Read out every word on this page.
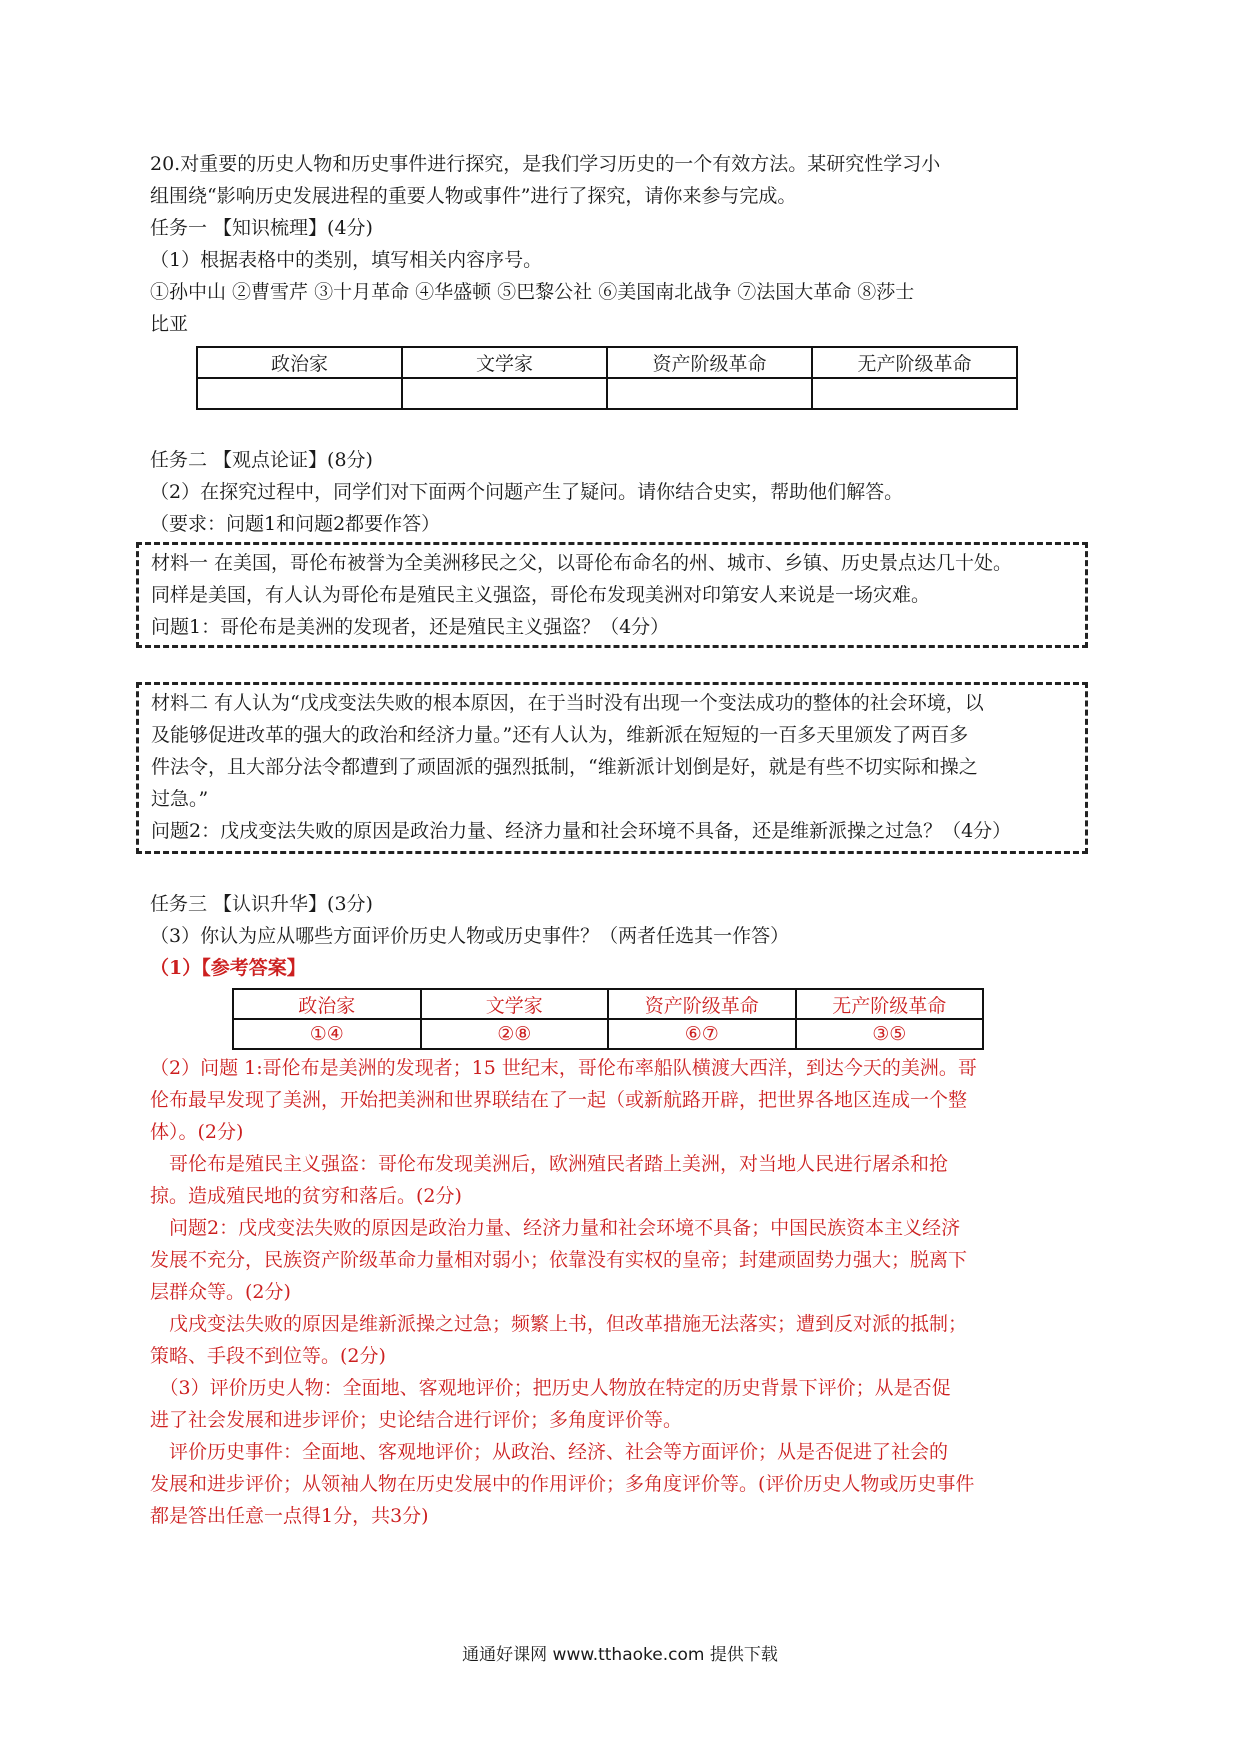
20.对重要的历史人物和历史事件进行探究，是我们学习历史的一个有效方法。某研究性学习小
组围绕“影响历史发展进程的重要人物或事件”进行了探究，请你来参与完成。
任务一 【知识梳理】(4分)
（1）根据表格中的类别，填写相关内容序号。
①孙中山 ②曹雪芹 ③十月革命 ④华盛顿 ⑤巴黎公社 ⑥美国南北战争 ⑦法国大革命 ⑧莎士
比亚
政治家	文学家	资产阶级革命	无产阶级革命

任务二 【观点论证】(8分)
（2）在探究过程中，同学们对下面两个问题产生了疑问。请你结合史实，帮助他们解答。
（要求：问题1和问题2都要作答）
材料一 在美国，哥伦布被誉为全美洲移民之父，以哥伦布命名的州、城市、乡镇、历史景点达几十处。
同样是美国，有人认为哥伦布是殖民主义强盗，哥伦布发现美洲对印第安人来说是一场灾难。
问题1：哥伦布是美洲的发现者，还是殖民主义强盗？（4分）
材料二 有人认为“戊戌变法失败的根本原因，在于当时没有出现一个变法成功的整体的社会环境，以
及能够促进改革的强大的政治和经济力量。”还有人认为，维新派在短短的一百多天里颁发了两百多
件法令，且大部分法令都遭到了顽固派的强烈抵制，“维新派计划倒是好，就是有些不切实际和操之
过急。”
问题2：戊戌变法失败的原因是政治力量、经济力量和社会环境不具备，还是维新派操之过急？（4分）
任务三 【认识升华】(3分)
（3）你认为应从哪些方面评价历史人物或历史事件？（两者任选其一作答）
（1）【参考答案】
政治家	文学家	资产阶级革命	无产阶级革命
①④	②⑧	⑥⑦	③⑤
（2）问题 1:哥伦布是美洲的发现者；15 世纪末，哥伦布率船队横渡大西洋，到达今天的美洲。哥
伦布最早发现了美洲，开始把美洲和世界联结在了一起（或新航路开辟，把世界各地区连成一个整
体）。(2分)
　哥伦布是殖民主义强盗：哥伦布发现美洲后，欧洲殖民者踏上美洲，对当地人民进行屠杀和抢
掠。造成殖民地的贫穷和落后。(2分)
　问题2：戊戌变法失败的原因是政治力量、经济力量和社会环境不具备；中国民族资本主义经济
发展不充分，民族资产阶级革命力量相对弱小；依靠没有实权的皇帝；封建顽固势力强大；脱离下
层群众等。(2分)
　戊戌变法失败的原因是维新派操之过急；频繁上书，但改革措施无法落实；遭到反对派的抵制；
策略、手段不到位等。(2分)
　（3）评价历史人物：全面地、客观地评价；把历史人物放在特定的历史背景下评价；从是否促
进了社会发展和进步评价；史论结合进行评价；多角度评价等。
　评价历史事件：全面地、客观地评价；从政治、经济、社会等方面评价；从是否促进了社会的
发展和进步评价；从领袖人物在历史发展中的作用评价；多角度评价等。(评价历史人物或历史事件
都是答出任意一点得1分，共3分)
通通好课网 www.tthaoke.com 提供下载
